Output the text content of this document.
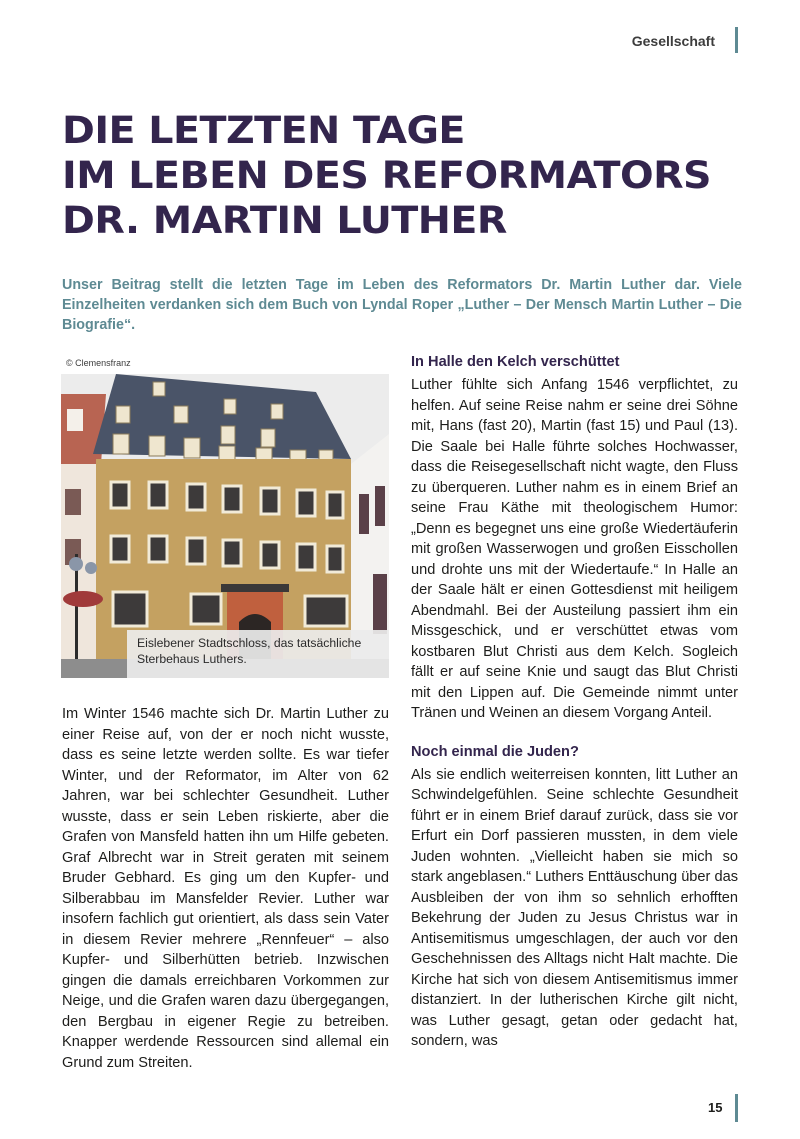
Gesellschaft
DIE LETZTEN TAGE
IM LEBEN DES REFORMATORS
DR. MARTIN LUTHER

Unser Beitrag stellt die letzten Tage im Leben des Reformators Dr. Martin Luther dar. Viele Einzelheiten verdanken sich dem Buch von Lyndal Roper „Luther – Der Mensch Martin Luther – Die Biografie“.

© Clemensfranz
Eislebener Stadtschloss, das tatsächliche Sterbehaus Luthers.

Im Winter 1546 machte sich Dr. Martin Luther zu einer Reise auf, von der er noch nicht wusste, dass es seine letzte werden sollte. Es war tiefer Winter, und der Reformator, im Alter von 62 Jahren, war bei schlechter Gesundheit. Luther wusste, dass er sein Leben riskierte, aber die Grafen von Mansfeld hatten ihn um Hilfe gebeten. Graf Albrecht war in Streit geraten mit seinem Bruder Gebhard. Es ging um den Kupfer- und Silberabbau im Mansfelder Revier. Luther war insofern fachlich gut orientiert, als dass sein Vater in diesem Revier mehrere „Rennfeuer“ – also Kupfer- und Silberhütten betrieb. Inzwischen gingen die damals erreichbaren Vorkommen zur Neige, und die Grafen waren dazu übergegangen, den Bergbau in eigener Regie zu betreiben. Knapper werdende Ressourcen sind allemal ein Grund zum Streiten.

In Halle den Kelch verschüttet

Luther fühlte sich Anfang 1546 verpflichtet, zu helfen. Auf seine Reise nahm er seine drei Söhne mit, Hans (fast 20), Martin (fast 15) und Paul (13). Die Saale bei Halle führte solches Hochwasser, dass die Reisegesellschaft nicht wagte, den Fluss zu überqueren. Luther nahm es in einem Brief an seine Frau Käthe mit theologischem Humor: „Denn es begegnet uns eine große Wiedertäuferin mit großen Wasserwogen und großen Eisschollen und drohte uns mit der Wiedertaufe.“ In Halle an der Saale hält er einen Gottesdienst mit heiligem Abendmahl. Bei der Austeilung passiert ihm ein Missgeschick, und er verschüttet etwas vom kostbaren Blut Christi aus dem Kelch. Sogleich fällt er auf seine Knie und saugt das Blut Christi mit den Lippen auf. Die Gemeinde nimmt unter Tränen und Weinen an diesem Vorgang Anteil.

Noch einmal die Juden?

Als sie endlich weiterreisen konnten, litt Luther an Schwindelgefühlen. Seine schlechte Gesundheit führt er in einem Brief darauf zurück, dass sie vor Erfurt ein Dorf passieren mussten, in dem viele Juden wohnten. „Vielleicht haben sie mich so stark angeblasen.“ Luthers Enttäuschung über das Ausbleiben der von ihm so sehnlich erhofften Bekehrung der Juden zu Jesus Christus war in Antisemitismus umgeschlagen, der auch vor den Geschehnissen des Alltags nicht Halt machte. Die Kirche hat sich von diesem Antisemitismus immer distanziert. In der lutherischen Kirche gilt nicht, was Luther gesagt, getan oder gedacht hat, sondern, was

15
